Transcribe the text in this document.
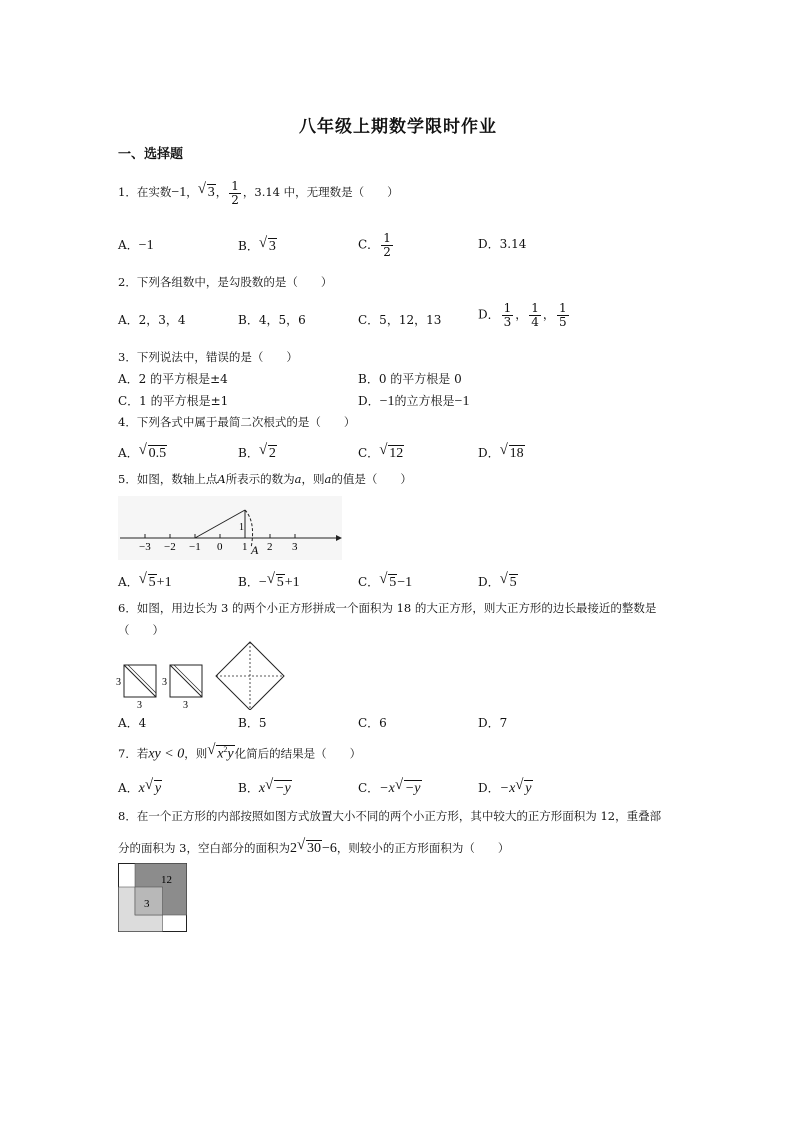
八年级上期数学限时作业
一、选择题
1．在实数−1， √ 3， $\frac{1}{2}$ ，3.14 中，无理数是（　　）
A．−1	B． √ 3	C． $\frac{1}{2}$	D．3.14
2．下列各组数中，是勾股数的是（　　）
A．2，3，4	B．4，5，6	C．5，12，13	D． $\frac{1}{3}$ ， $\frac{1}{4}$ ， $\frac{1}{5}$
3．下列说法中，错误的是（　　）
A．2 的平方根是±4	B．0 的平方根是 0
C．1 的平方根是±1	D．−1的立方根是−1
4．下列各式中属于最简二次根式的是（　　）
A． √ 0.5	B． √ 2	C． √ 12	D． √ 18
5．如图，数轴上点A所表示的数为a，则a的值是（　　）
−3 −2 −1 0 1 2 3
1
A
A． √ 5+1	B．− √ 5+1	C． √ 5−1	D． √ 5
6．如图，用边长为 3 的两个小正方形拼成一个面积为 18 的大正方形，则大正方形的边长最接近的整数是
（　　）
3
3
3
3
A．4	B．5	C．6	D．7
7．若xy < 0，则 √ $x^2y$化简后的结果是（　　）
A．x √ y	B．x √ −y	C．−x √ −y	D．−x √ y
8．在一个正方形的内部按照如图方式放置大小不同的两个小正方形，其中较大的正方形面积为 12，重叠部
分的面积为 3，空白部分的面积为2 √ 30−6，则较小的正方形面积为（　　）
12
3
